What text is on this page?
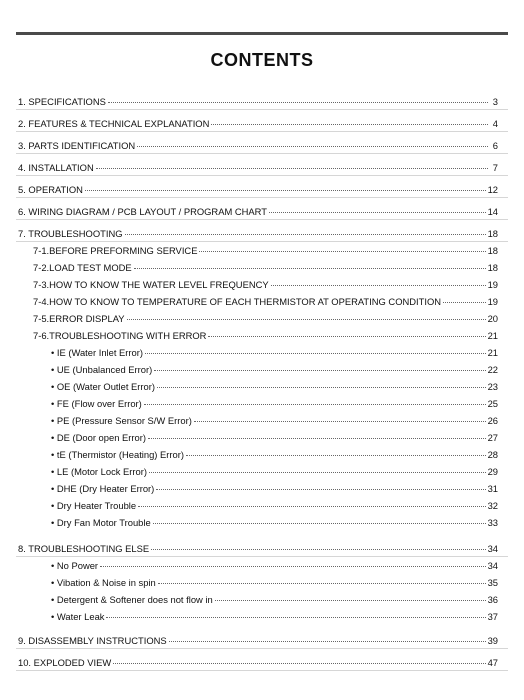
CONTENTS
1. SPECIFICATIONS	3
2. FEATURES & TECHNICAL EXPLANATION	4
3. PARTS IDENTIFICATION	6
4. INSTALLATION	7
5. OPERATION	12
6. WIRING DIAGRAM / PCB LAYOUT / PROGRAM CHART	14
7. TROUBLESHOOTING	18
7-1.BEFORE PREFORMING SERVICE	18
7-2.LOAD TEST MODE	18
7-3.HOW TO KNOW THE WATER LEVEL FREQUENCY	19
7-4.HOW TO KNOW TO TEMPERATURE OF EACH THERMISTOR AT OPERATING CONDITION	19
7-5.ERROR DISPLAY	20
7-6.TROUBLESHOOTING WITH ERROR	21
• IE (Water Inlet Error)	21
• UE (Unbalanced Error)	22
• OE (Water Outlet Error)	23
• FE (Flow over Error)	25
• PE (Pressure Sensor S/W Error)	26
• DE (Door open Error)	27
• tE (Thermistor (Heating) Error)	28
• LE (Motor Lock Error)	29
• DHE (Dry Heater Error)	31
• Dry Heater Trouble	32
• Dry Fan Motor Trouble	33
8. TROUBLESHOOTING ELSE	34
• No Power	34
• Vibation & Noise in spin	35
• Detergent & Softener does not flow in	36
• Water Leak	37
9. DISASSEMBLY INSTRUCTIONS	39
10. EXPLODED VIEW	47
